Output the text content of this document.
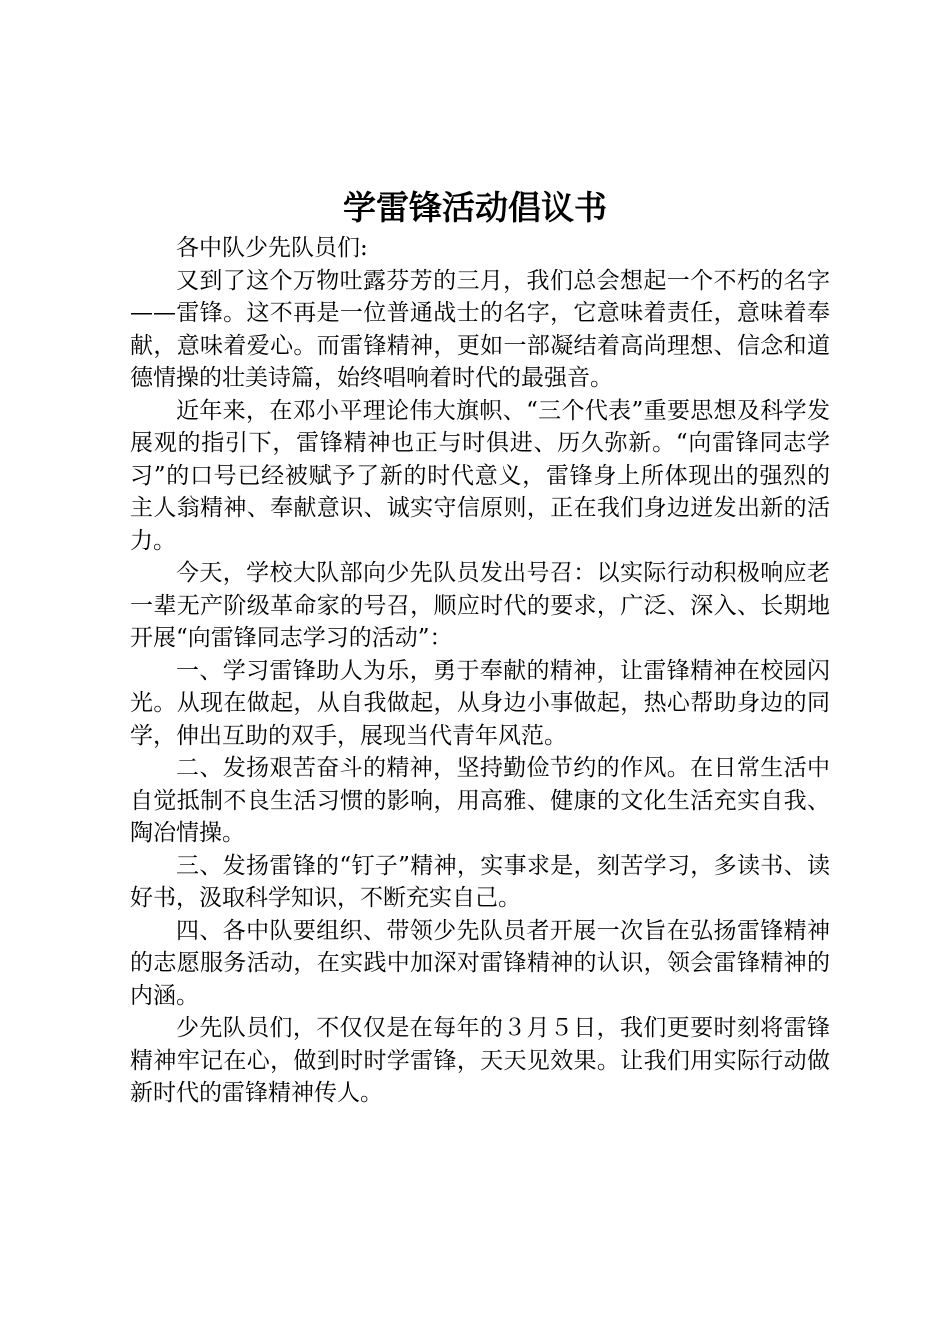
学雷锋活动倡议书

各中队少先队员们:

又到了这个万物吐露芬芳的三月，我们总会想起一个不朽的名字——雷锋。这不再是一位普通战士的名字，它意味着责任，意味着奉献，意味着爱心。而雷锋精神，更如一部凝结着高尚理想、信念和道德情操的壮美诗篇，始终唱响着时代的最强音。

近年来，在邓小平理论伟大旗帜、“三个代表”重要思想及科学发展观的指引下，雷锋精神也正与时俱进、历久弥新。“向雷锋同志学习”的口号已经被赋予了新的时代意义，雷锋身上所体现出的强烈的主人翁精神、奉献意识、诚实守信原则，正在我们身边迸发出新的活力。

今天，学校大队部向少先队员发出号召：以实际行动积极响应老一辈无产阶级革命家的号召，顺应时代的要求，广泛、深入、长期地开展“向雷锋同志学习的活动”：

一、学习雷锋助人为乐，勇于奉献的精神，让雷锋精神在校园闪光。从现在做起，从自我做起，从身边小事做起，热心帮助身边的同学，伸出互助的双手，展现当代青年风范。

二、发扬艰苦奋斗的精神，坚持勤俭节约的作风。在日常生活中自觉抵制不良生活习惯的影响，用高雅、健康的文化生活充实自我、陶冶情操。

三、发扬雷锋的“钉子”精神，实事求是，刻苦学习，多读书、读好书，汲取科学知识，不断充实自己。

四、各中队要组织、带领少先队员者开展一次旨在弘扬雷锋精神的志愿服务活动，在实践中加深对雷锋精神的认识，领会雷锋精神的内涵。

少先队员们，不仅仅是在每年的３月５日，我们更要时刻将雷锋精神牢记在心，做到时时学雷锋，天天见效果。让我们用实际行动做新时代的雷锋精神传人。
